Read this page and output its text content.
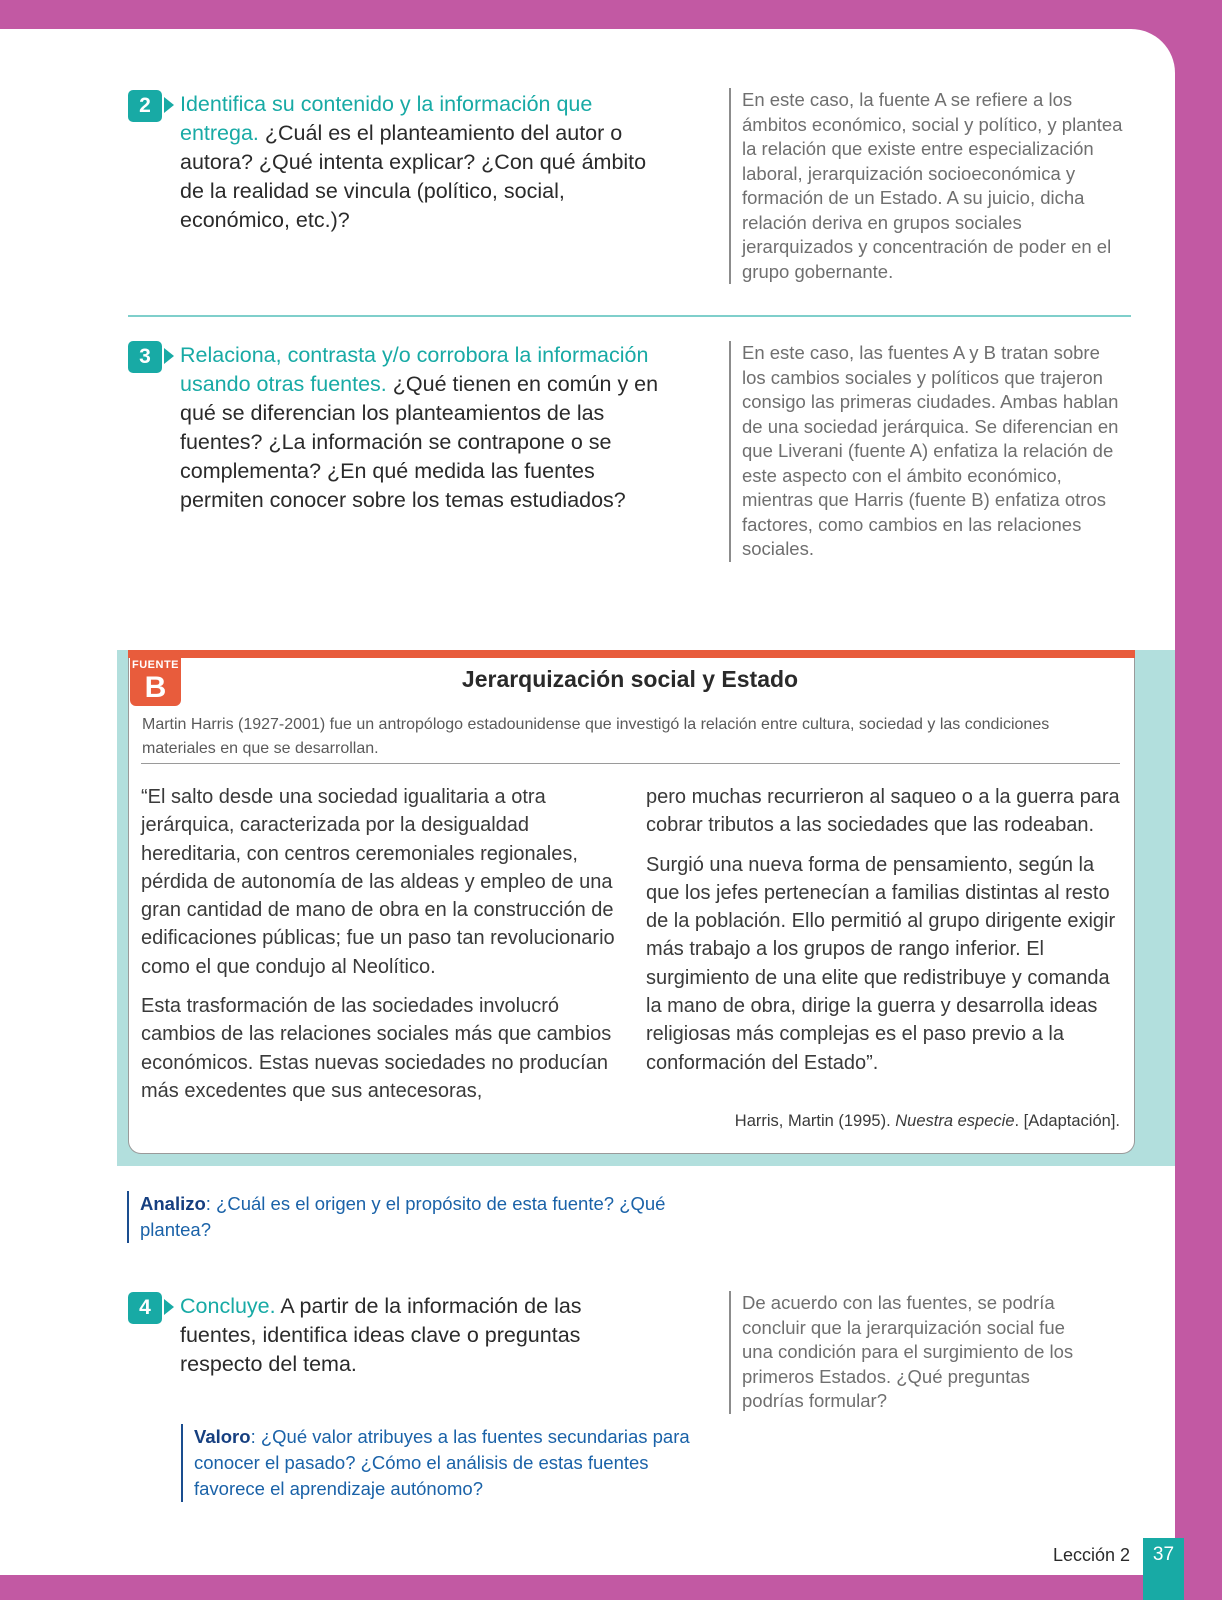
2	Identifica su contenido y la información que entrega. ¿Cuál es el planteamiento del autor o autora? ¿Qué intenta explicar? ¿Con qué ámbito de la realidad se vincula (político, social, económico, etc.)?
En este caso, la fuente A se refiere a los ámbitos económico, social y político, y plantea la relación que existe entre especialización laboral, jerarquización socioeconómica y formación de un Estado. A su juicio, dicha relación deriva en grupos sociales jerarquizados y concentración de poder en el grupo gobernante.
3	Relaciona, contrasta y/o corrobora la información usando otras fuentes. ¿Qué tienen en común y en qué se diferencian los planteamientos de las fuentes? ¿La información se contrapone o se complementa? ¿En qué medida las fuentes permiten conocer sobre los temas estudiados?
En este caso, las fuentes A y B tratan sobre los cambios sociales y políticos que trajeron consigo las primeras ciudades. Ambas hablan de una sociedad jerárquica. Se diferencian en que Liverani (fuente A) enfatiza la relación de este aspecto con el ámbito económico, mientras que Harris (fuente B) enfatiza otros factores, como cambios en las relaciones sociales.
FUENTE
B	Jerarquización social y Estado
Martin Harris (1927-2001) fue un antropólogo estadounidense que investigó la relación entre cultura, sociedad y las condiciones materiales en que se desarrollan.

“El salto desde una sociedad igualitaria a otra jerárquica, caracterizada por la desigualdad hereditaria, con centros ceremoniales regionales, pérdida de autonomía de las aldeas y empleo de una gran cantidad de mano de obra en la construcción de edificaciones públicas; fue un paso tan revolucionario como el que condujo al Neolítico.

Esta trasformación de las sociedades involucró cambios de las relaciones sociales más que cambios económicos. Estas nuevas sociedades no producían más excedentes que sus antecesoras,

pero muchas recurrieron al saqueo o a la guerra para cobrar tributos a las sociedades que las rodeaban.

Surgió una nueva forma de pensamiento, según la que los jefes pertenecían a familias distintas al resto de la población. Ello permitió al grupo dirigente exigir más trabajo a los grupos de rango inferior. El surgimiento de una elite que redistribuye y comanda la mano de obra, dirige la guerra y desarrolla ideas religiosas más complejas es el paso previo a la conformación del Estado”.

Harris, Martin (1995). Nuestra especie. [Adaptación].
Analizo: ¿Cuál es el origen y el propósito de esta fuente? ¿Qué plantea?
4	Concluye. A partir de la información de las fuentes, identifica ideas clave o preguntas respecto del tema.
De acuerdo con las fuentes, se podría concluir que la jerarquización social fue una condición para el surgimiento de los primeros Estados. ¿Qué preguntas podrías formular?
Valoro: ¿Qué valor atribuyes a las fuentes secundarias para conocer el pasado? ¿Cómo el análisis de estas fuentes favorece el aprendizaje autónomo?
Lección 2	37
